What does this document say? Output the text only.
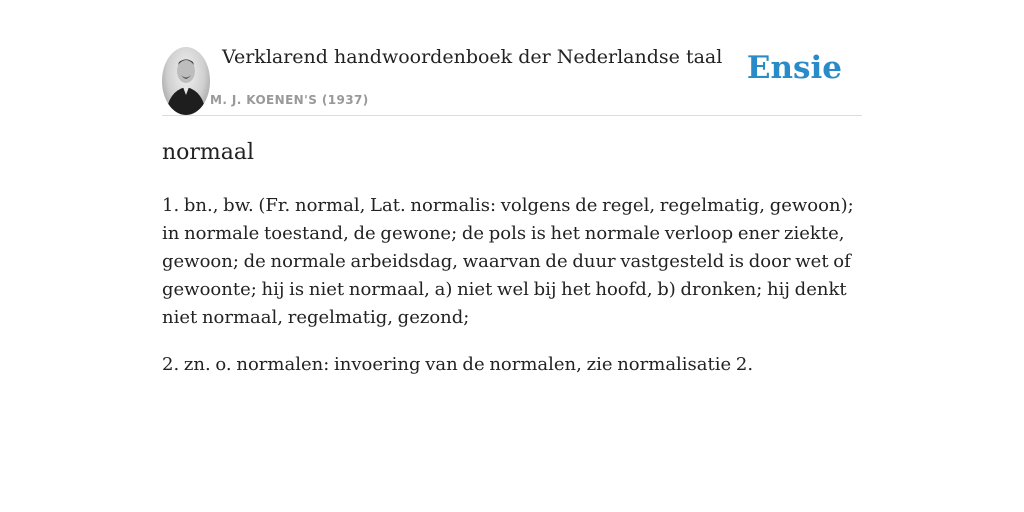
Verklarend handwoordenboek der Nederlandse taal
M. J. KOENEN'S (1937)
Ensie
normaal

1. bn., bw. (Fr. normal, Lat. normalis: volgens de regel, regelmatig, gewoon); in normale toestand, de gewone; de pols is het normale verloop ener ziekte, gewoon; de normale arbeidsdag, waarvan de duur vastgesteld is door wet of gewoonte; hij is niet normaal, a) niet wel bij het hoofd, b) dronken; hij denkt niet normaal, regelmatig, gezond;

2. zn. o. normalen: invoering van de normalen, zie normalisatie 2.
